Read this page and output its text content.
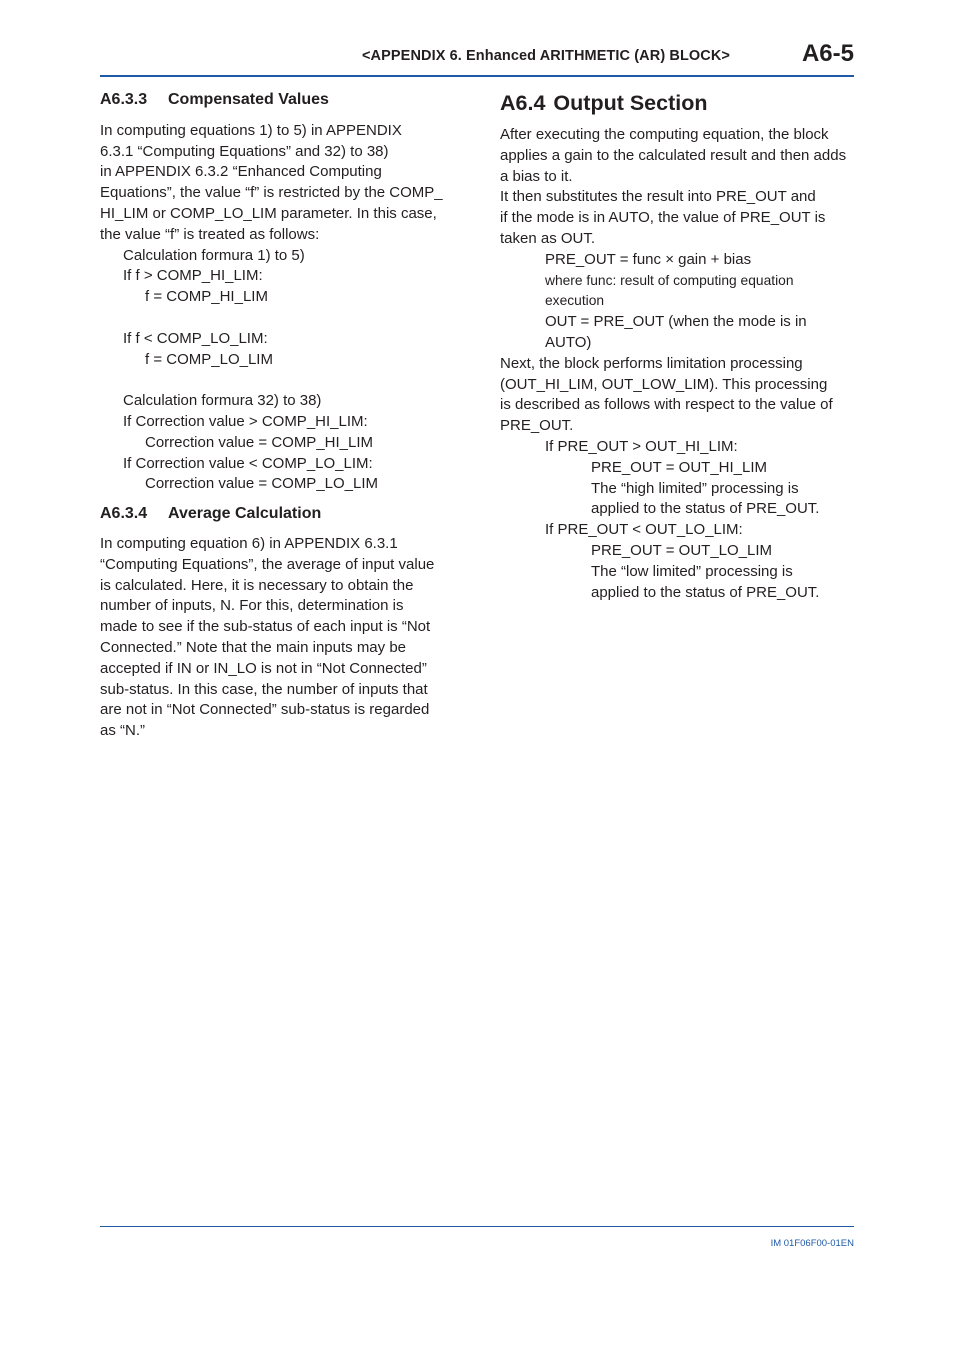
<APPENDIX 6. Enhanced ARITHMETIC (AR) BLOCK>	A6-5
A6.3.3 Compensated Values

In computing equations 1) to 5) in APPENDIX

6.3.1 “Computing Equations” and 32) to 38)

in APPENDIX 6.3.2 “Enhanced Computing

Equations”, the value “f” is restricted by the COMP_

HI_LIM or COMP_LO_LIM parameter. In this case,

the value “f” is treated as follows:

Calculation formura 1) to 5)

If f > COMP_HI_LIM:

f = COMP_HI_LIM

If f < COMP_LO_LIM:

f = COMP_LO_LIM

Calculation formura 32) to 38)

If Correction value > COMP_HI_LIM:

Correction value = COMP_HI_LIM

If Correction value < COMP_LO_LIM:

Correction value = COMP_LO_LIM

A6.3.4 Average Calculation

In computing equation 6) in APPENDIX 6.3.1

“Computing Equations”, the average of input value

is calculated. Here, it is necessary to obtain the

number of inputs, N. For this, determination is

made to see if the sub-status of each input is “Not

Connected.” Note that the main inputs may be

accepted if IN or IN_LO is not in “Not Connected”

sub-status. In this case, the number of inputs that

are not in “Not Connected” sub-status is regarded

as “N.”

A6.4 Output Section

After executing the computing equation, the block

applies a gain to the calculated result and then adds

a bias to it.

It then substitutes the result into PRE_OUT and

if the mode is in AUTO, the value of PRE_OUT is

taken as OUT.

PRE_OUT = func × gain + bias

where func: result of computing equation

execution

OUT = PRE_OUT (when the mode is in

AUTO)

Next, the block performs limitation processing

(OUT_HI_LIM, OUT_LOW_LIM). This processing

is described as follows with respect to the value of

PRE_OUT.

If PRE_OUT > OUT_HI_LIM:

PRE_OUT = OUT_HI_LIM

The “high limited” processing is

applied to the status of PRE_OUT.

If PRE_OUT < OUT_LO_LIM:

PRE_OUT = OUT_LO_LIM

The “low limited” processing is

applied to the status of PRE_OUT.

IM 01F06F00-01EN
